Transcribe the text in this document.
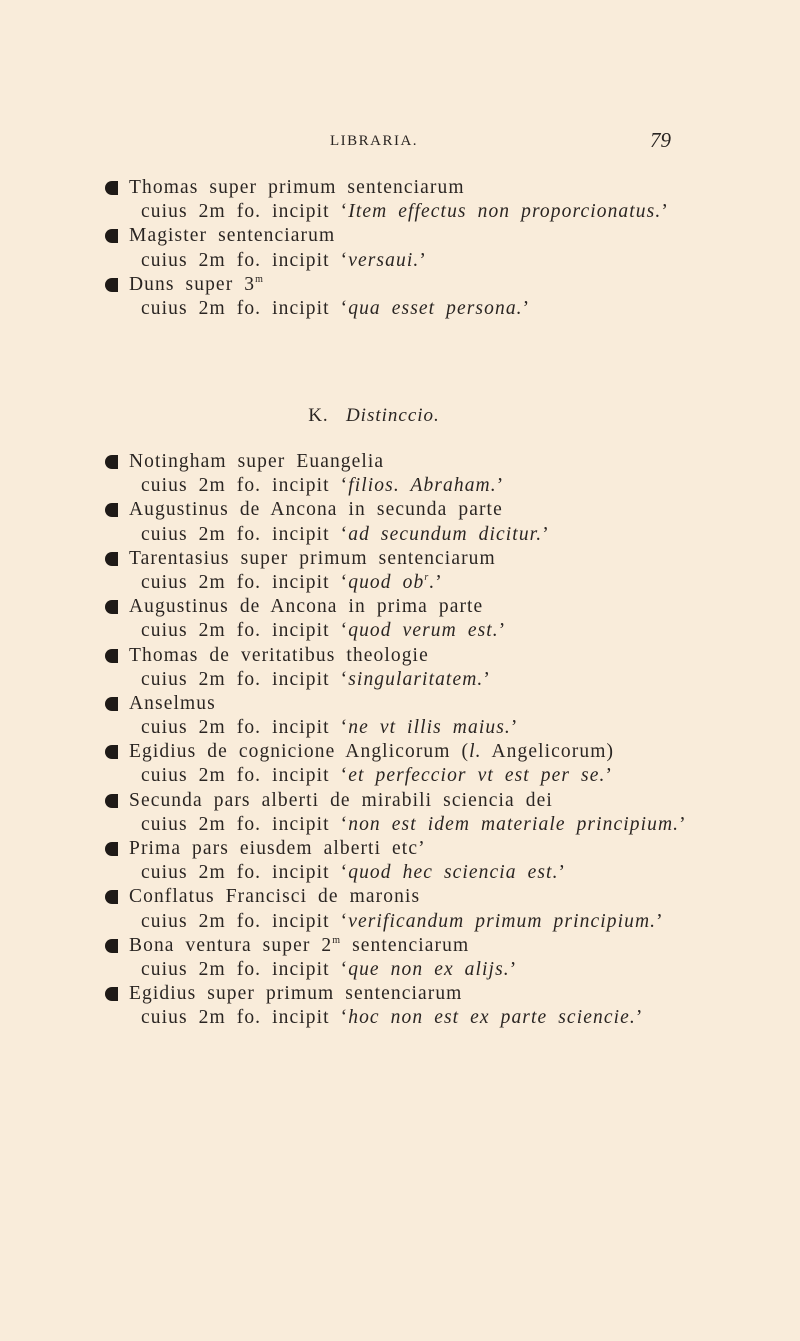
LIBRARIA.	79
Thomas super primum sentenciarum
cuius 2m fo. incipit ‘Item effectus non proporcionatus.’
Magister sentenciarum
cuius 2m fo. incipit ‘versaui.’
Duns super 3$^m$
cuius 2m fo. incipit ‘qua esset persona.’
K. Distinccio.
Notingham super Euangelia
cuius 2m fo. incipit ‘filios. Abraham.’
Augustinus de Ancona in secunda parte
cuius 2m fo. incipit ‘ad secundum dicitur.’
Tarentasius super primum sentenciarum
cuius 2m fo. incipit ‘quod $ob^r$.’
Augustinus de Ancona in prima parte
cuius 2m fo. incipit ‘quod verum est.’
Thomas de veritatibus theologie
cuius 2m fo. incipit ‘singularitatem.’
Anselmus
cuius 2m fo. incipit ‘ne vt illis maius.’
Egidius de cognicione Anglicorum (l. Angelicorum)
cuius 2m fo. incipit ‘et perfeccior vt est per se.’
Secunda pars alberti de mirabili sciencia dei
cuius 2m fo. incipit ‘non est idem materiale principium.’
Prima pars eiusdem alberti etc’
cuius 2m fo. incipit ‘quod hec sciencia est.’
Conflatus Francisci de maronis
cuius 2m fo. incipit ‘verificandum primum principium.’
Bona ventura super 2$^m$ sentenciarum
cuius 2m fo. incipit ‘que non ex alijs.’
Egidius super primum sentenciarum
cuius 2m fo. incipit ‘hoc non est ex parte sciencie.’
